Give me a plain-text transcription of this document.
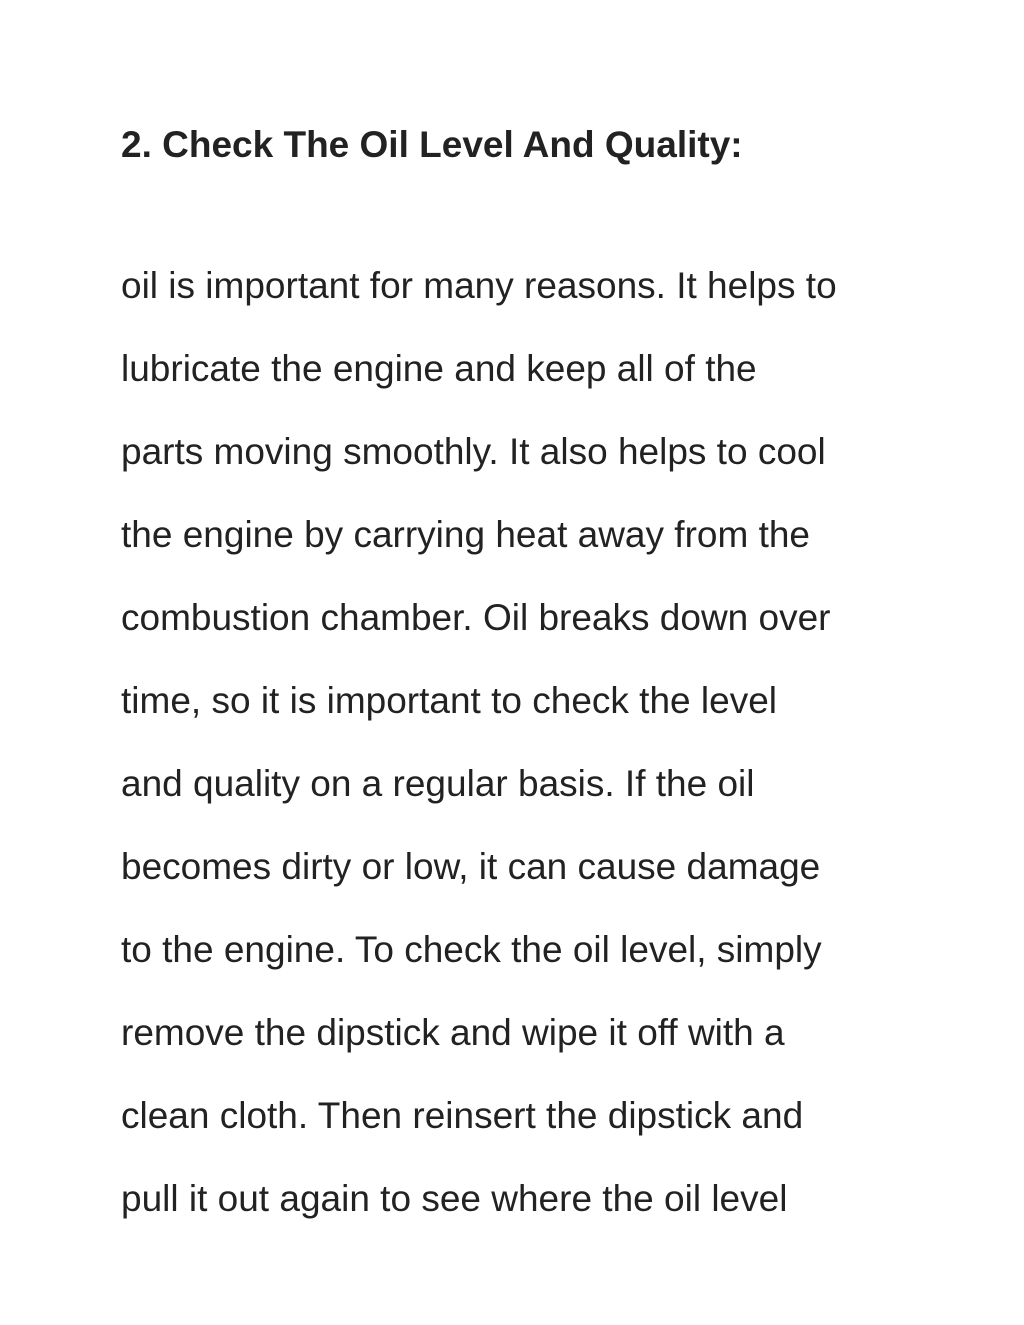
2. Check The Oil Level And Quality:
oil is important for many reasons. It helps to
lubricate the engine and keep all of the
parts moving smoothly. It also helps to cool
the engine by carrying heat away from the
combustion chamber. Oil breaks down over
time, so it is important to check the level
and quality on a regular basis. If the oil
becomes dirty or low, it can cause damage
to the engine. To check the oil level, simply
remove the dipstick and wipe it off with a
clean cloth. Then reinsert the dipstick and
pull it out again to see where the oil level
